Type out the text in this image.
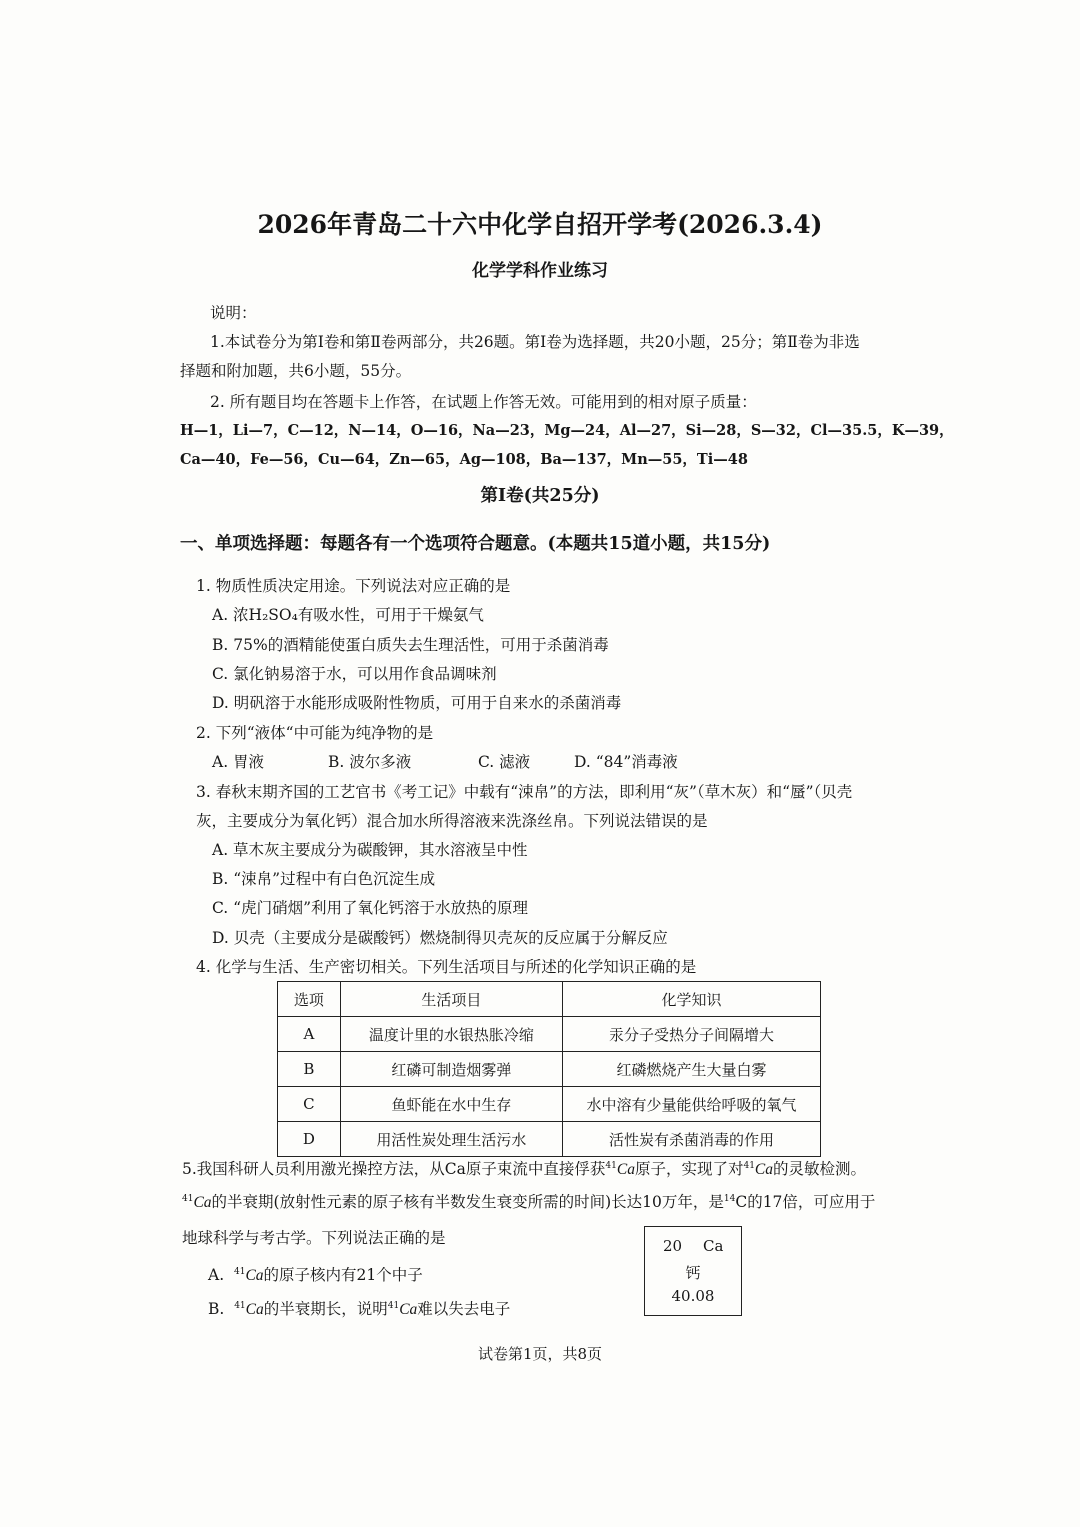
2026年青岛二十六中化学自招开学考(2026.3.4)
化学学科作业练习
说明：
1.本试卷分为第Ⅰ卷和第Ⅱ卷两部分，共26题。第Ⅰ卷为选择题，共20小题，25分；第Ⅱ卷为非选
择题和附加题，共6小题，55分。
2. 所有题目均在答题卡上作答，在试题上作答无效。可能用到的相对原子质量：
H—1，Li—7，C—12，N—14，O—16，Na—23，Mg—24，Al—27，Si—28，S—32，Cl—35.5，K—39，
Ca—40，Fe—56，Cu—64，Zn—65，Ag—108，Ba—137，Mn—55，Ti—48
第Ⅰ卷(共25分)
一、单项选择题：每题各有一个选项符合题意。(本题共15道小题，共15分)
1. 物质性质决定用途。下列说法对应正确的是
A. 浓H₂SO₄有吸水性，可用于干燥氨气
B. 75%的酒精能使蛋白质失去生理活性，可用于杀菌消毒
C. 氯化钠易溶于水，可以用作食品调味剂
D. 明矾溶于水能形成吸附性物质，可用于自来水的杀菌消毒
2. 下列“液体“中可能为纯净物的是
A. 胃液	B. 波尔多液	C. 滤液	D. “84”消毒液
3. 春秋末期齐国的工艺官书《考工记》中载有“涑帛”的方法，即利用“灰”（草木灰）和“蜃”（贝壳
灰，主要成分为氧化钙）混合加水所得溶液来洗涤丝帛。下列说法错误的是
A. 草木灰主要成分为碳酸钾，其水溶液呈中性
B. “涑帛”过程中有白色沉淀生成
C. “虎门硝烟”利用了氧化钙溶于水放热的原理
D. 贝壳（主要成分是碳酸钙）燃烧制得贝壳灰的反应属于分解反应
4. 化学与生活、生产密切相关。下列生活项目与所述的化学知识正确的是
选项	生活项目	化学知识
A	温度计里的水银热胀冷缩	汞分子受热分子间隔增大
B	红磷可制造烟雾弹	红磷燃烧产生大量白雾
C	鱼虾能在水中生存	水中溶有少量能供给呼吸的氧气
D	用活性炭处理生活污水	活性炭有杀菌消毒的作用
5.我国科研人员利用激光操控方法，从Ca原子束流中直接俘获$^{41}$Ca原子，实现了对$^{41}$Ca的灵敏检测。
$^{41}$Ca的半衰期(放射性元素的原子核有半数发生衰变所需的时间)长达10万年，是$^{14}$C的17倍，可应用于
地球科学与考古学。下列说法正确的是
A. $^{41}$Ca的原子核内有21个中子
B. $^{41}$Ca的半衰期长，说明$^{41}$Ca难以失去电子
20 Ca
钙
40.08
试卷第1页，共8页
